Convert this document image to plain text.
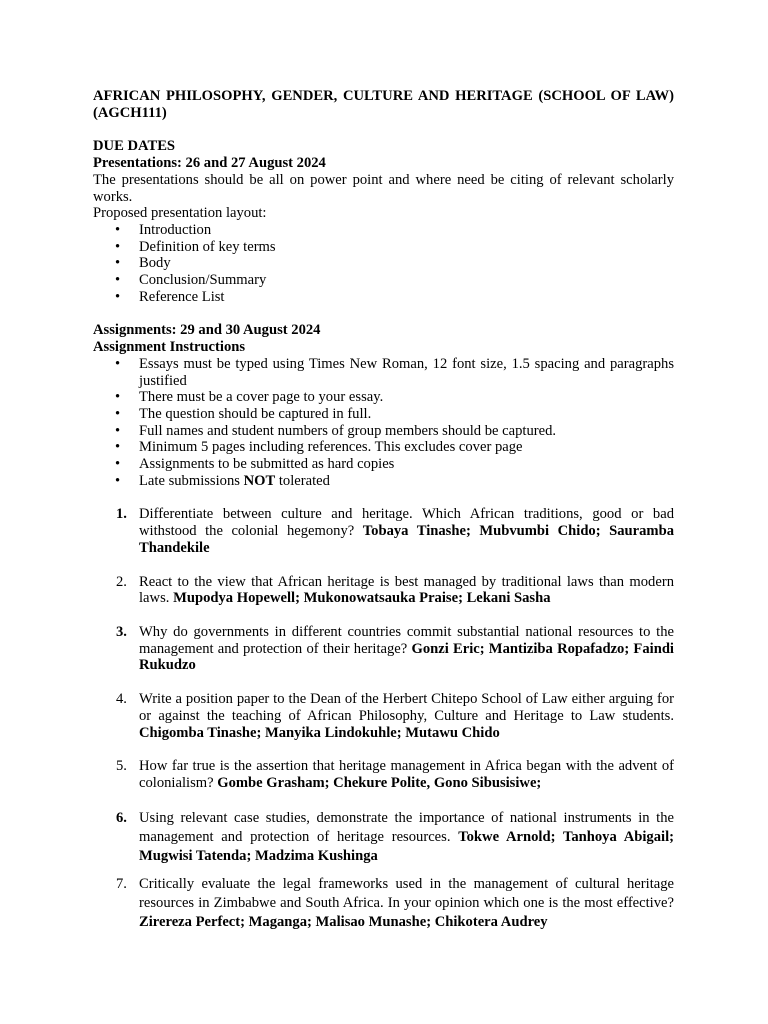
AFRICAN PHILOSOPHY, GENDER, CULTURE AND HERITAGE (SCHOOL OF LAW) (AGCH111)

DUE DATES

Presentations: 26 and 27 August 2024

The presentations should be all on power point and where need be citing of relevant scholarly works.

Proposed presentation layout:

• Introduction
• Definition of key terms
• Body
• Conclusion/Summary
• Reference List

Assignments: 29 and 30 August 2024

Assignment Instructions

• Essays must be typed using Times New Roman, 12 font size, 1.5 spacing and paragraphs justified
• There must be a cover page to your essay.
• The question should be captured in full.
• Full names and student numbers of group members should be captured.
• Minimum 5 pages including references. This excludes cover page
• Assignments to be submitted as hard copies
• Late submissions NOT tolerated
1. Differentiate between culture and heritage. Which African traditions, good or bad withstood the colonial hegemony? Tobaya Tinashe; Mubvumbi Chido; Sauramba Thandekile
2. React to the view that African heritage is best managed by traditional laws than modern laws. Mupodya Hopewell; Mukonowatsauka Praise; Lekani Sasha
3. Why do governments in different countries commit substantial national resources to the management and protection of their heritage? Gonzi Eric; Mantiziba Ropafadzo; Faindi Rukudzo
4. Write a position paper to the Dean of the Herbert Chitepo School of Law either arguing for or against the teaching of African Philosophy, Culture and Heritage to Law students. Chigomba Tinashe; Manyika Lindokuhle; Mutawu Chido
5. How far true is the assertion that heritage management in Africa began with the advent of colonialism? Gombe Grasham; Chekure Polite, Gono Sibusisiwe;
6. Using relevant case studies, demonstrate the importance of national instruments in the management and protection of heritage resources. Tokwe Arnold; Tanhoya Abigail; Mugwisi Tatenda; Madzima Kushinga
7. Critically evaluate the legal frameworks used in the management of cultural heritage resources in Zimbabwe and South Africa. In your opinion which one is the most effective? Zirereza Perfect; Maganga; Malisao Munashe; Chikotera Audrey
